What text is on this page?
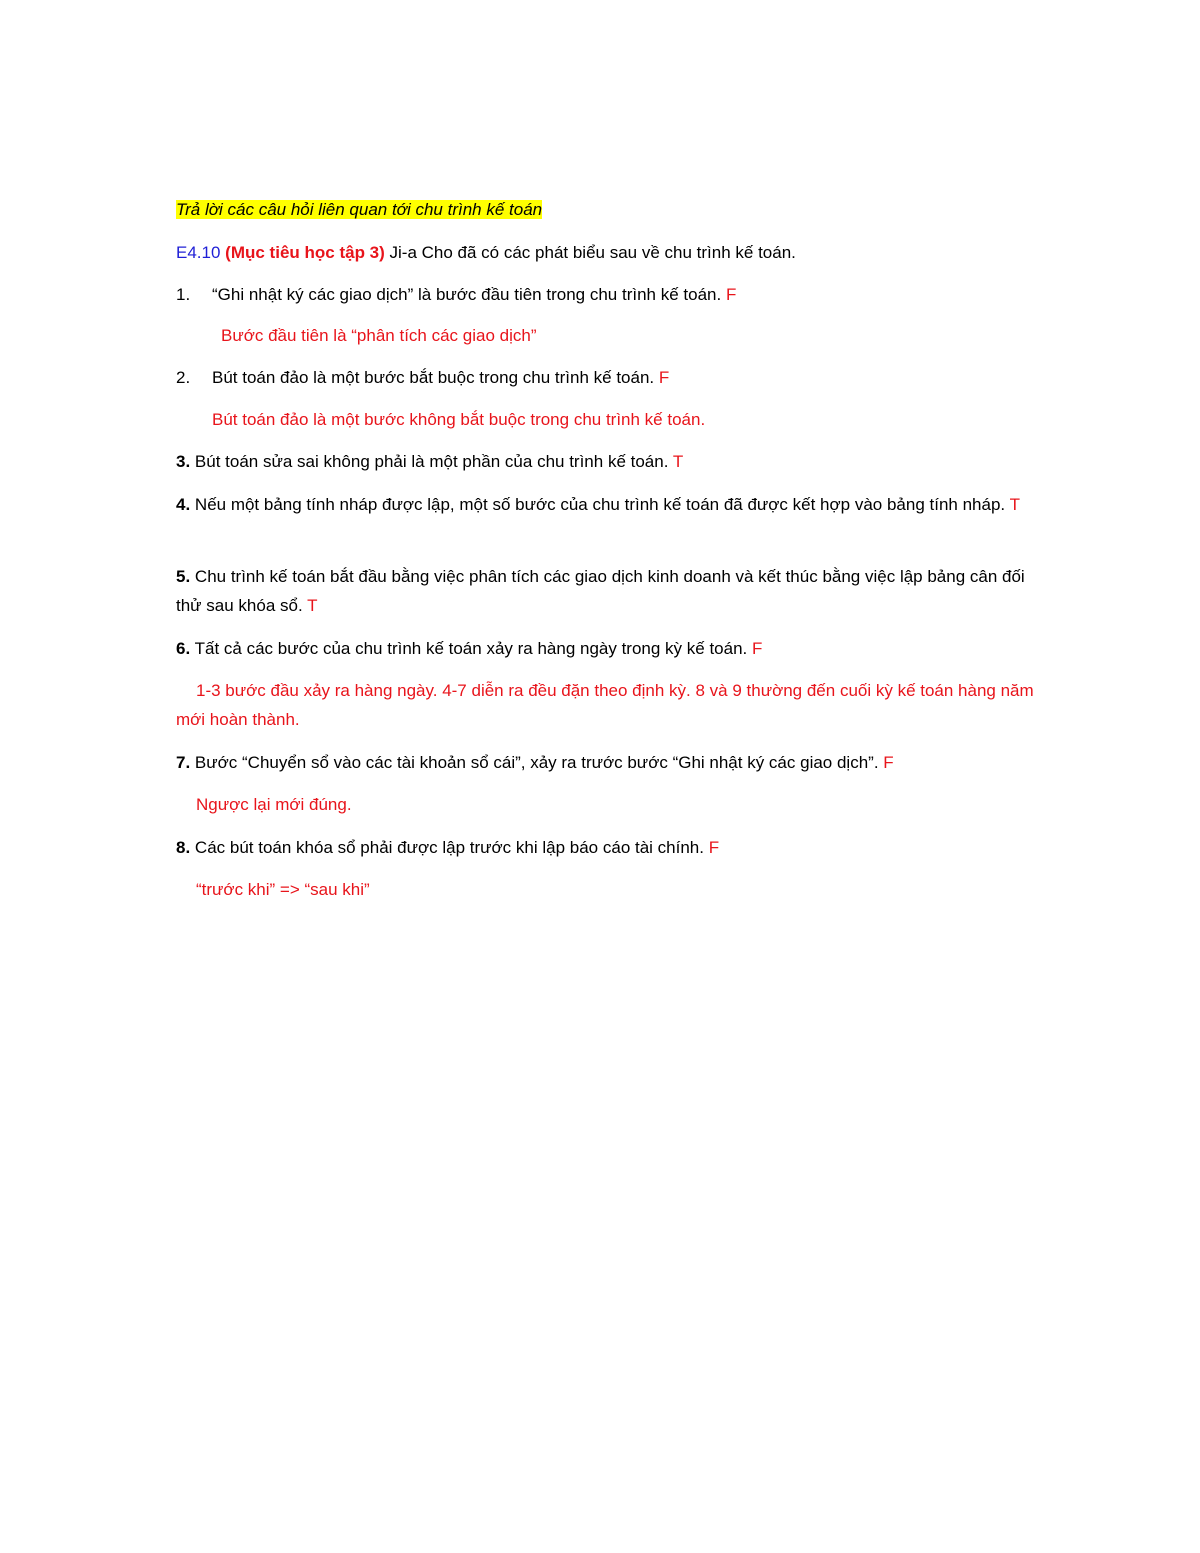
Trả lời các câu hỏi liên quan tới chu trình kế toán
E4.10 (Mục tiêu học tập 3) Ji-a Cho đã có các phát biểu sau về chu trình kế toán.
1. “Ghi nhật ký các giao dịch” là bước đầu tiên trong chu trình kế toán. F
Bước đầu tiên là “phân tích các giao dịch”
2. Bút toán đảo là một bước bắt buộc trong chu trình kế toán. F
Bút toán đảo là một bước không bắt buộc trong chu trình kế toán.
3. Bút toán sửa sai không phải là một phần của chu trình kế toán. T
4. Nếu một bảng tính nháp được lập, một số bước của chu trình kế toán đã được kết hợp vào bảng tính nháp. T
5. Chu trình kế toán bắt đầu bằng việc phân tích các giao dịch kinh doanh và kết thúc bằng việc lập bảng cân đối thử sau khóa sổ. T
6. Tất cả các bước của chu trình kế toán xảy ra hàng ngày trong kỳ kế toán. F
1-3 bước đầu xảy ra hàng ngày. 4-7 diễn ra đều đặn theo định kỳ. 8 và 9 thường đến cuối kỳ kế toán hàng năm mới hoàn thành.
7. Bước “Chuyển sổ vào các tài khoản sổ cái”, xảy ra trước bước “Ghi nhật ký các giao dịch”. F
Ngược lại mới đúng.
8. Các bút toán khóa sổ phải được lập trước khi lập báo cáo tài chính. F
“trước khi” => “sau khi”
